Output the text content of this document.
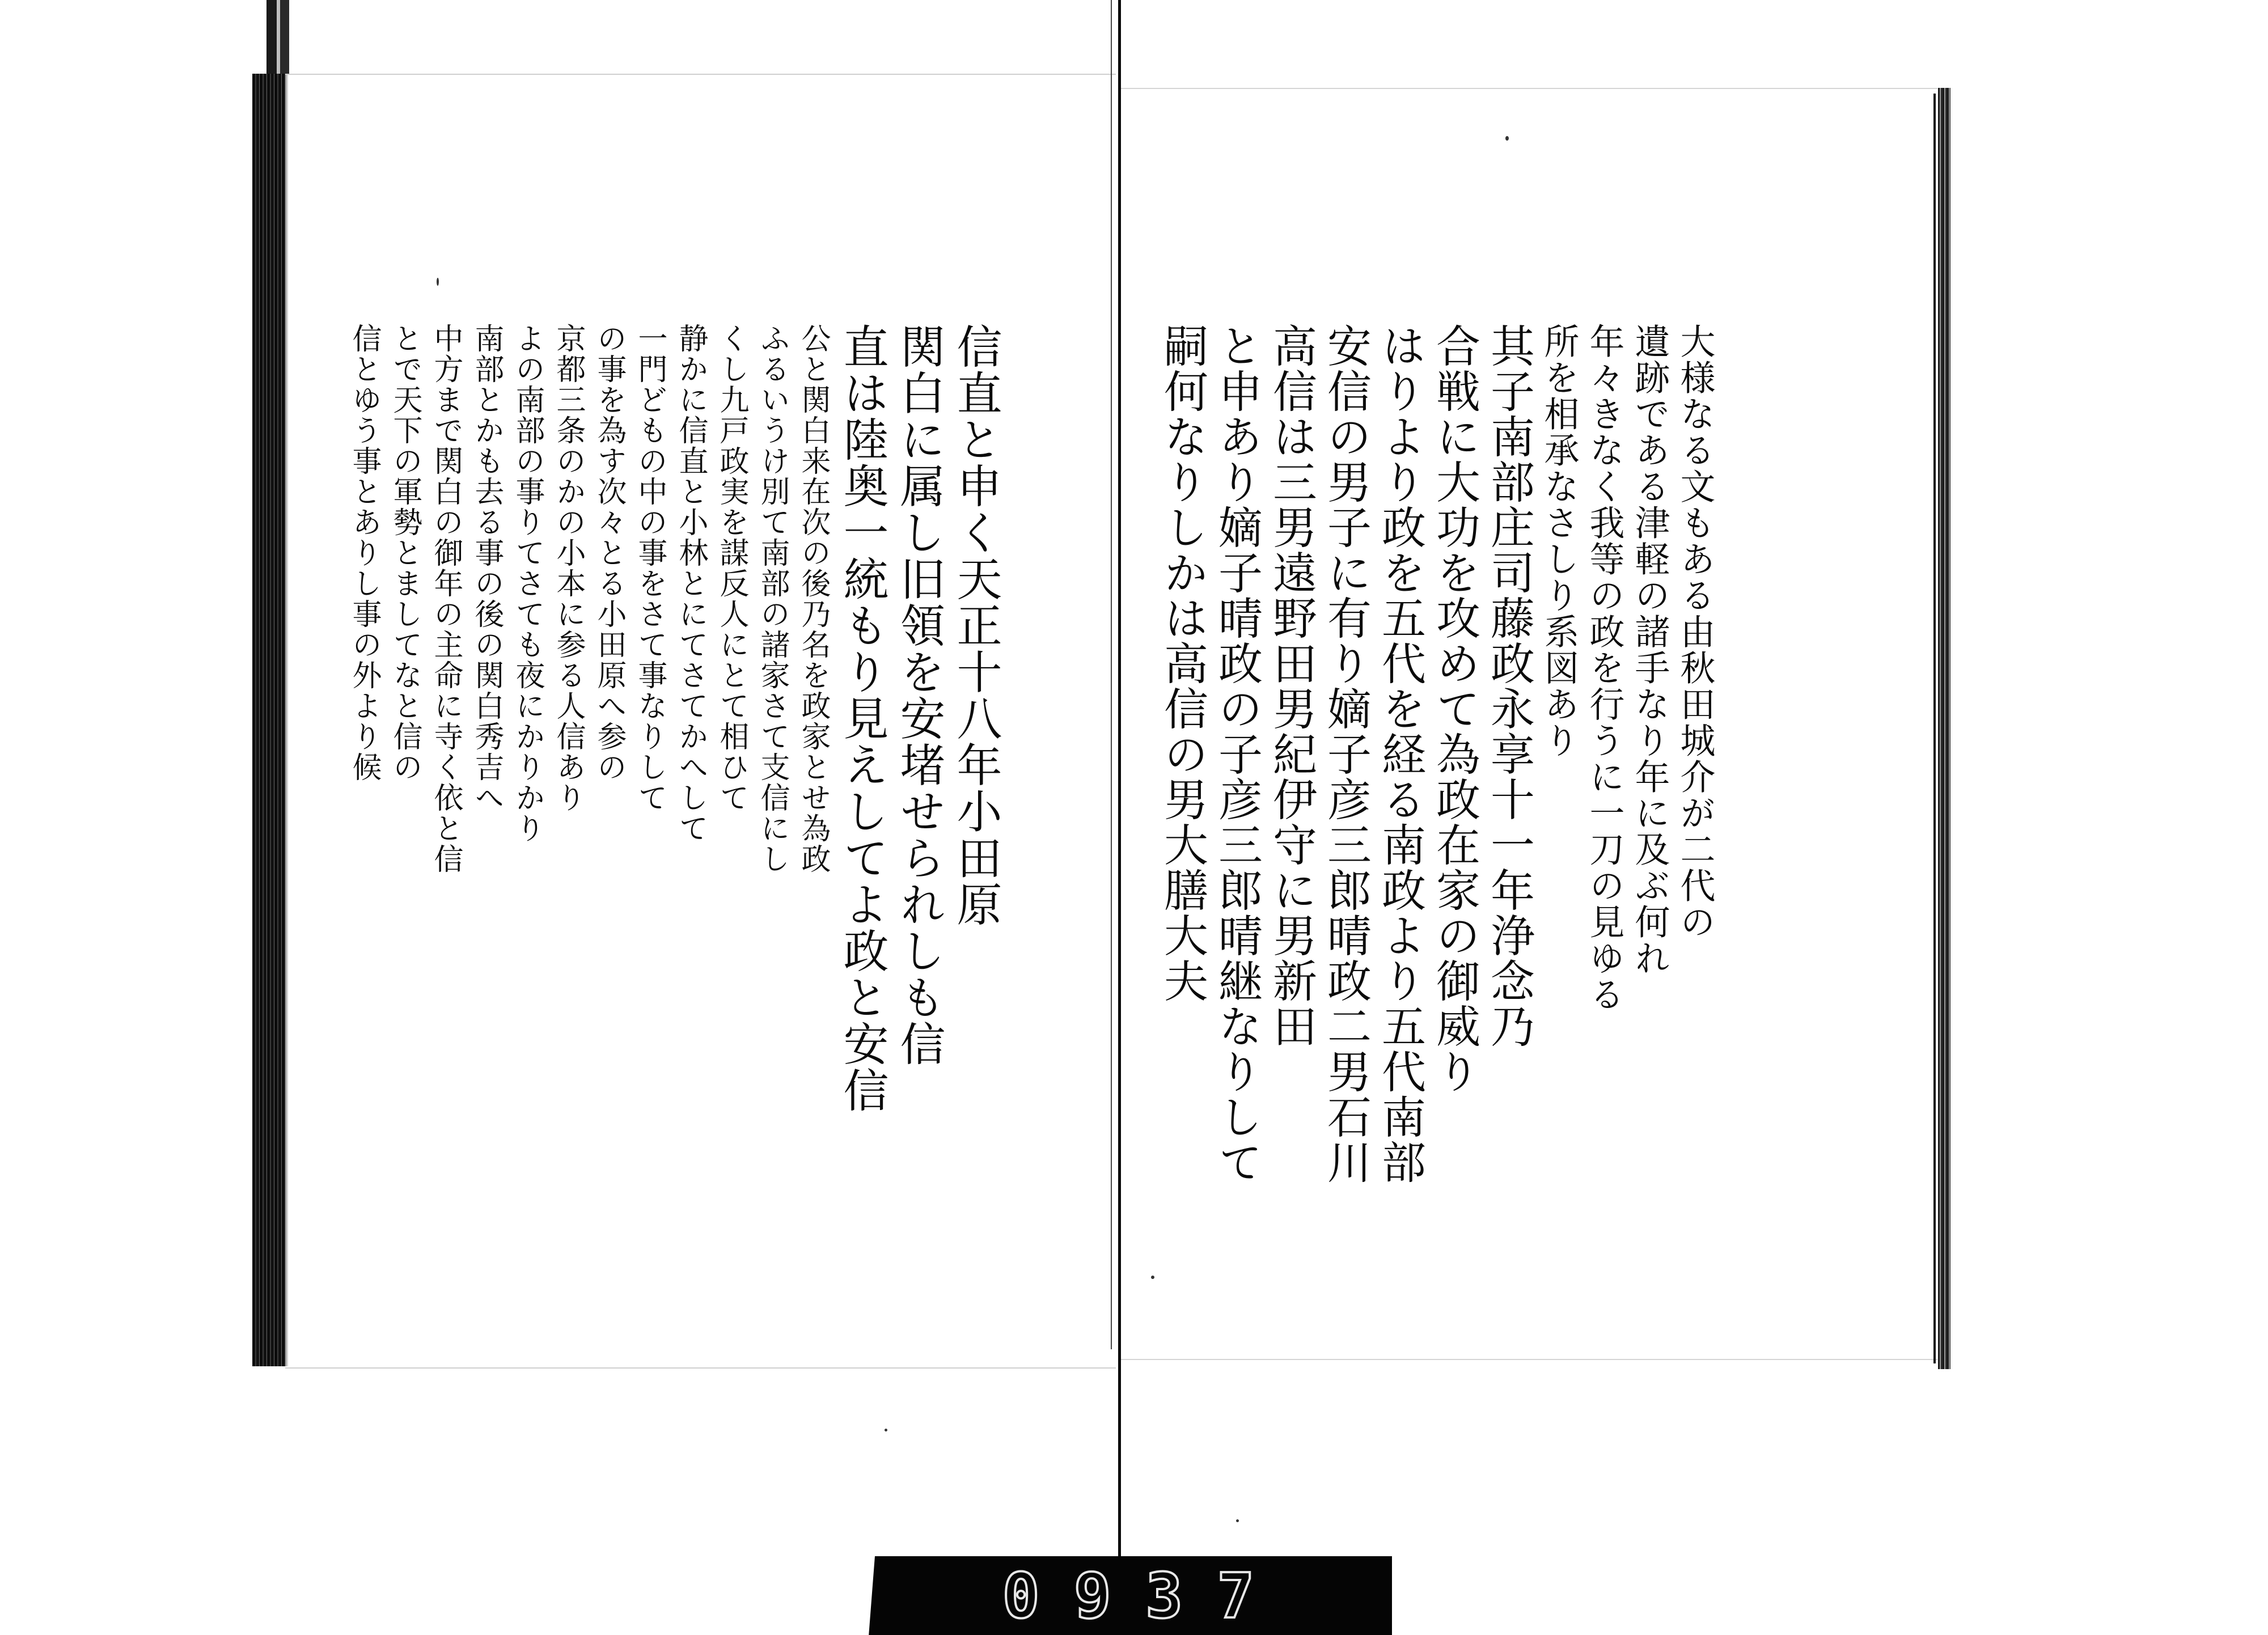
大様なる文もある由秋田城介が二代の
遺跡である津軽の諸手なり年に及ぶ何れ
年々きなく我等の政を行うに一刀の見ゆる
所を相承なさしり系図あり
其子南部庄司藤政永享十一年浄念乃
合戦に大功を攻めて為政在家の御威り
はりより政を五代を経る南政より五代南部
安信の男子に有り嫡子彦三郎晴政二男石川
高信は三男遠野田男紀伊守に男新田
と申あり嫡子晴政の子彦三郎晴継なりして
嗣何なりしかは高信の男大膳大夫
信直と申く天正十八年小田原
関白に属し旧領を安堵せられしも信
直は陸奥一統もり見えしてよ政と安信
公と関白来在次の後乃名を政家とせ為政
ふるいうけ別て南部の諸家さて支信にし
くし九戸政実を謀反人にとて相ひて
静かに信直と小林とにてさてかへして
一門どもの中の事をさて事なりして
の事を為す次々とる小田原へ参の
京都三条のかの小本に参る人信あり
よの南部の事りてさても夜にかりかり
南部とかも去る事の後の関白秀吉へ
中方まで関白の御年の主命に寺く依と信
とで天下の軍勢とましてなと信の
信とゆう事とありし事の外より候
0937
